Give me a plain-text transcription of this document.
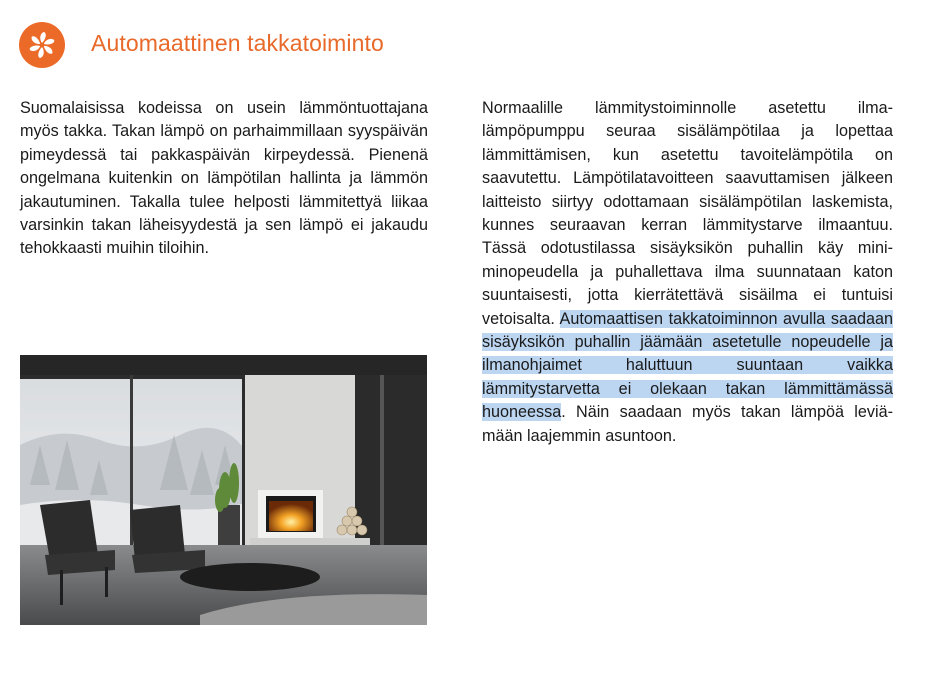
Automaattinen takkatoiminto

Suomalaisissa kodeissa on usein lämmöntuottajana myös takka. Takan lämpö on parhaimmillaan syyspäivän pimeydessä tai pakkaspäivän kirpeydessä. Pienenä ongelmana kuitenkin on lämpötilan hallinta ja lämmön jakautuminen. Takalla tulee helposti lämmitettyä liikaa varsinkin takan läheisyydestä ja sen lämpö ei jakaudu tehokkaasti muihin tiloihin.

Normaalille lämmitystoiminnolle asetettu ilmalämpöpumppu seuraa sisälämpötilaa ja lopettaa lämmittämisen, kun asetettu tavoitelämpötila on saavutettu. Lämpötilatavoitteen saavuttamisen jälkeen laitteisto siirtyy odottamaan sisälämpötilan laskemista, kunnes seuraavan kerran lämmitystarve ilmaantuu. Tässä odotustilassa sisäyksikön puhallin käy miniminopeudella ja puhallettava ilma suunnataan katon suuntaisesti, jotta kierrätettävä sisäilma ei tuntuisi vetoisalta. Automaattisen takkatoiminnon avulla saadaan sisäyksikön puhallin jäämään asetetulle nopeudelle ja ilmanohjaimet haluttuun suuntaan vaikka lämmitystarvetta ei olekaan takan lämmittämässä huoneessa. Näin saadaan myös takan lämpöä leviämään laajemmin asuntoon.
